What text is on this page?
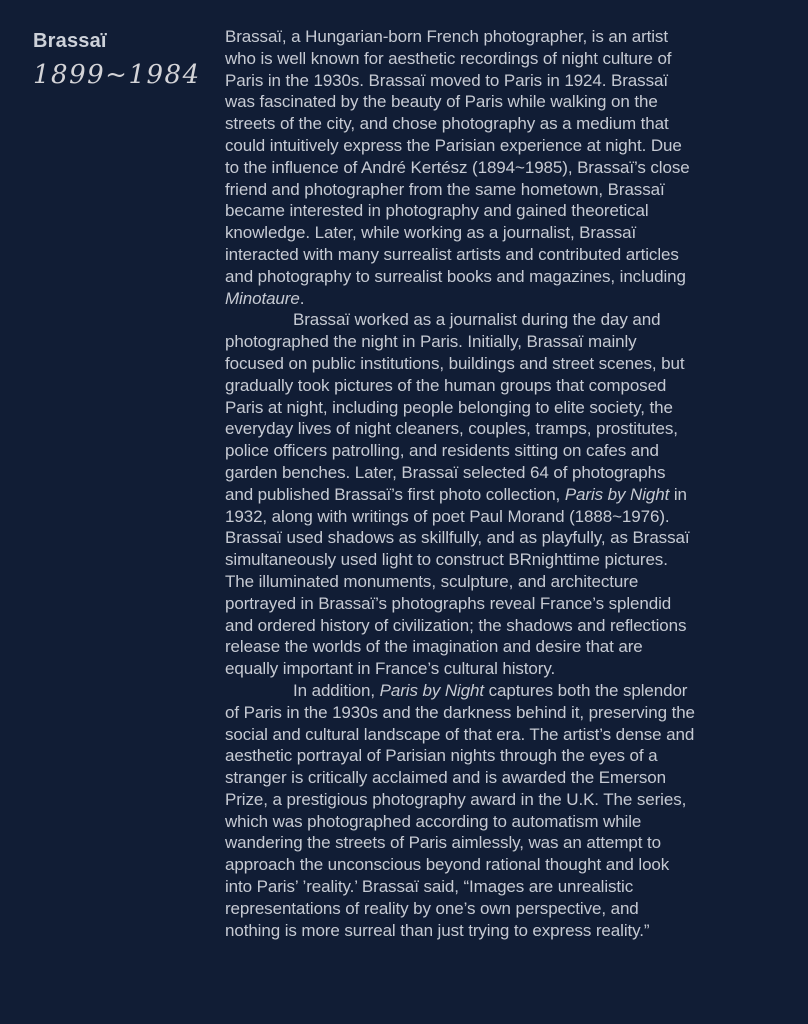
Brassaï
1899~1984

Brassaï, a Hungarian-born French photographer, is an artist who is well known for aesthetic recordings of night culture of Paris in the 1930s. Brassaï moved to Paris in 1924. Brassaï was fascinated by the beauty of Paris while walking on the streets of the city, and chose photography as a medium that could intuitively express the Parisian experience at night. Due to the influence of André Kertész (1894~1985), Brassaï’s close friend and photographer from the same hometown, Brassaï became interested in photography and gained theoretical knowledge. Later, while working as a journalist, Brassaï interacted with many surrealist artists and contributed articles and photography to surrealist books and magazines, including Minotaure.

Brassaï worked as a journalist during the day and photographed the night in Paris. Initially, Brassaï mainly focused on public institutions, buildings and street scenes, but gradually took pictures of the human groups that composed Paris at night, including people belonging to elite society, the everyday lives of night cleaners, couples, tramps, prostitutes, police officers patrolling, and residents sitting on cafes and garden benches. Later, Brassaï selected 64 of photographs and published Brassaï’s first photo collection, Paris by Night in 1932, along with writings of poet Paul Morand (1888~1976). Brassaï used shadows as skillfully, and as playfully, as Brassaï simultaneously used light to construct BRnighttime pictures. The illuminated monuments, sculpture, and architecture portrayed in Brassaï’s photographs reveal France’s splendid and ordered history of civilization; the shadows and reflections release the worlds of the imagination and desire that are equally important in France’s cultural history.

In addition, Paris by Night captures both the splendor of Paris in the 1930s and the darkness behind it, preserving the social and cultural landscape of that era. The artist’s dense and aesthetic portrayal of Parisian nights through the eyes of a stranger is critically acclaimed and is awarded the Emerson Prize, a prestigious photography award in the U.K. The series, which was photographed according to automatism while wandering the streets of Paris aimlessly, was an attempt to approach the unconscious beyond rational thought and look into Paris’ ’reality.’ Brassaï said, “Images are unrealistic representations of reality by one’s own perspective, and nothing is more surreal than just trying to express reality.”
